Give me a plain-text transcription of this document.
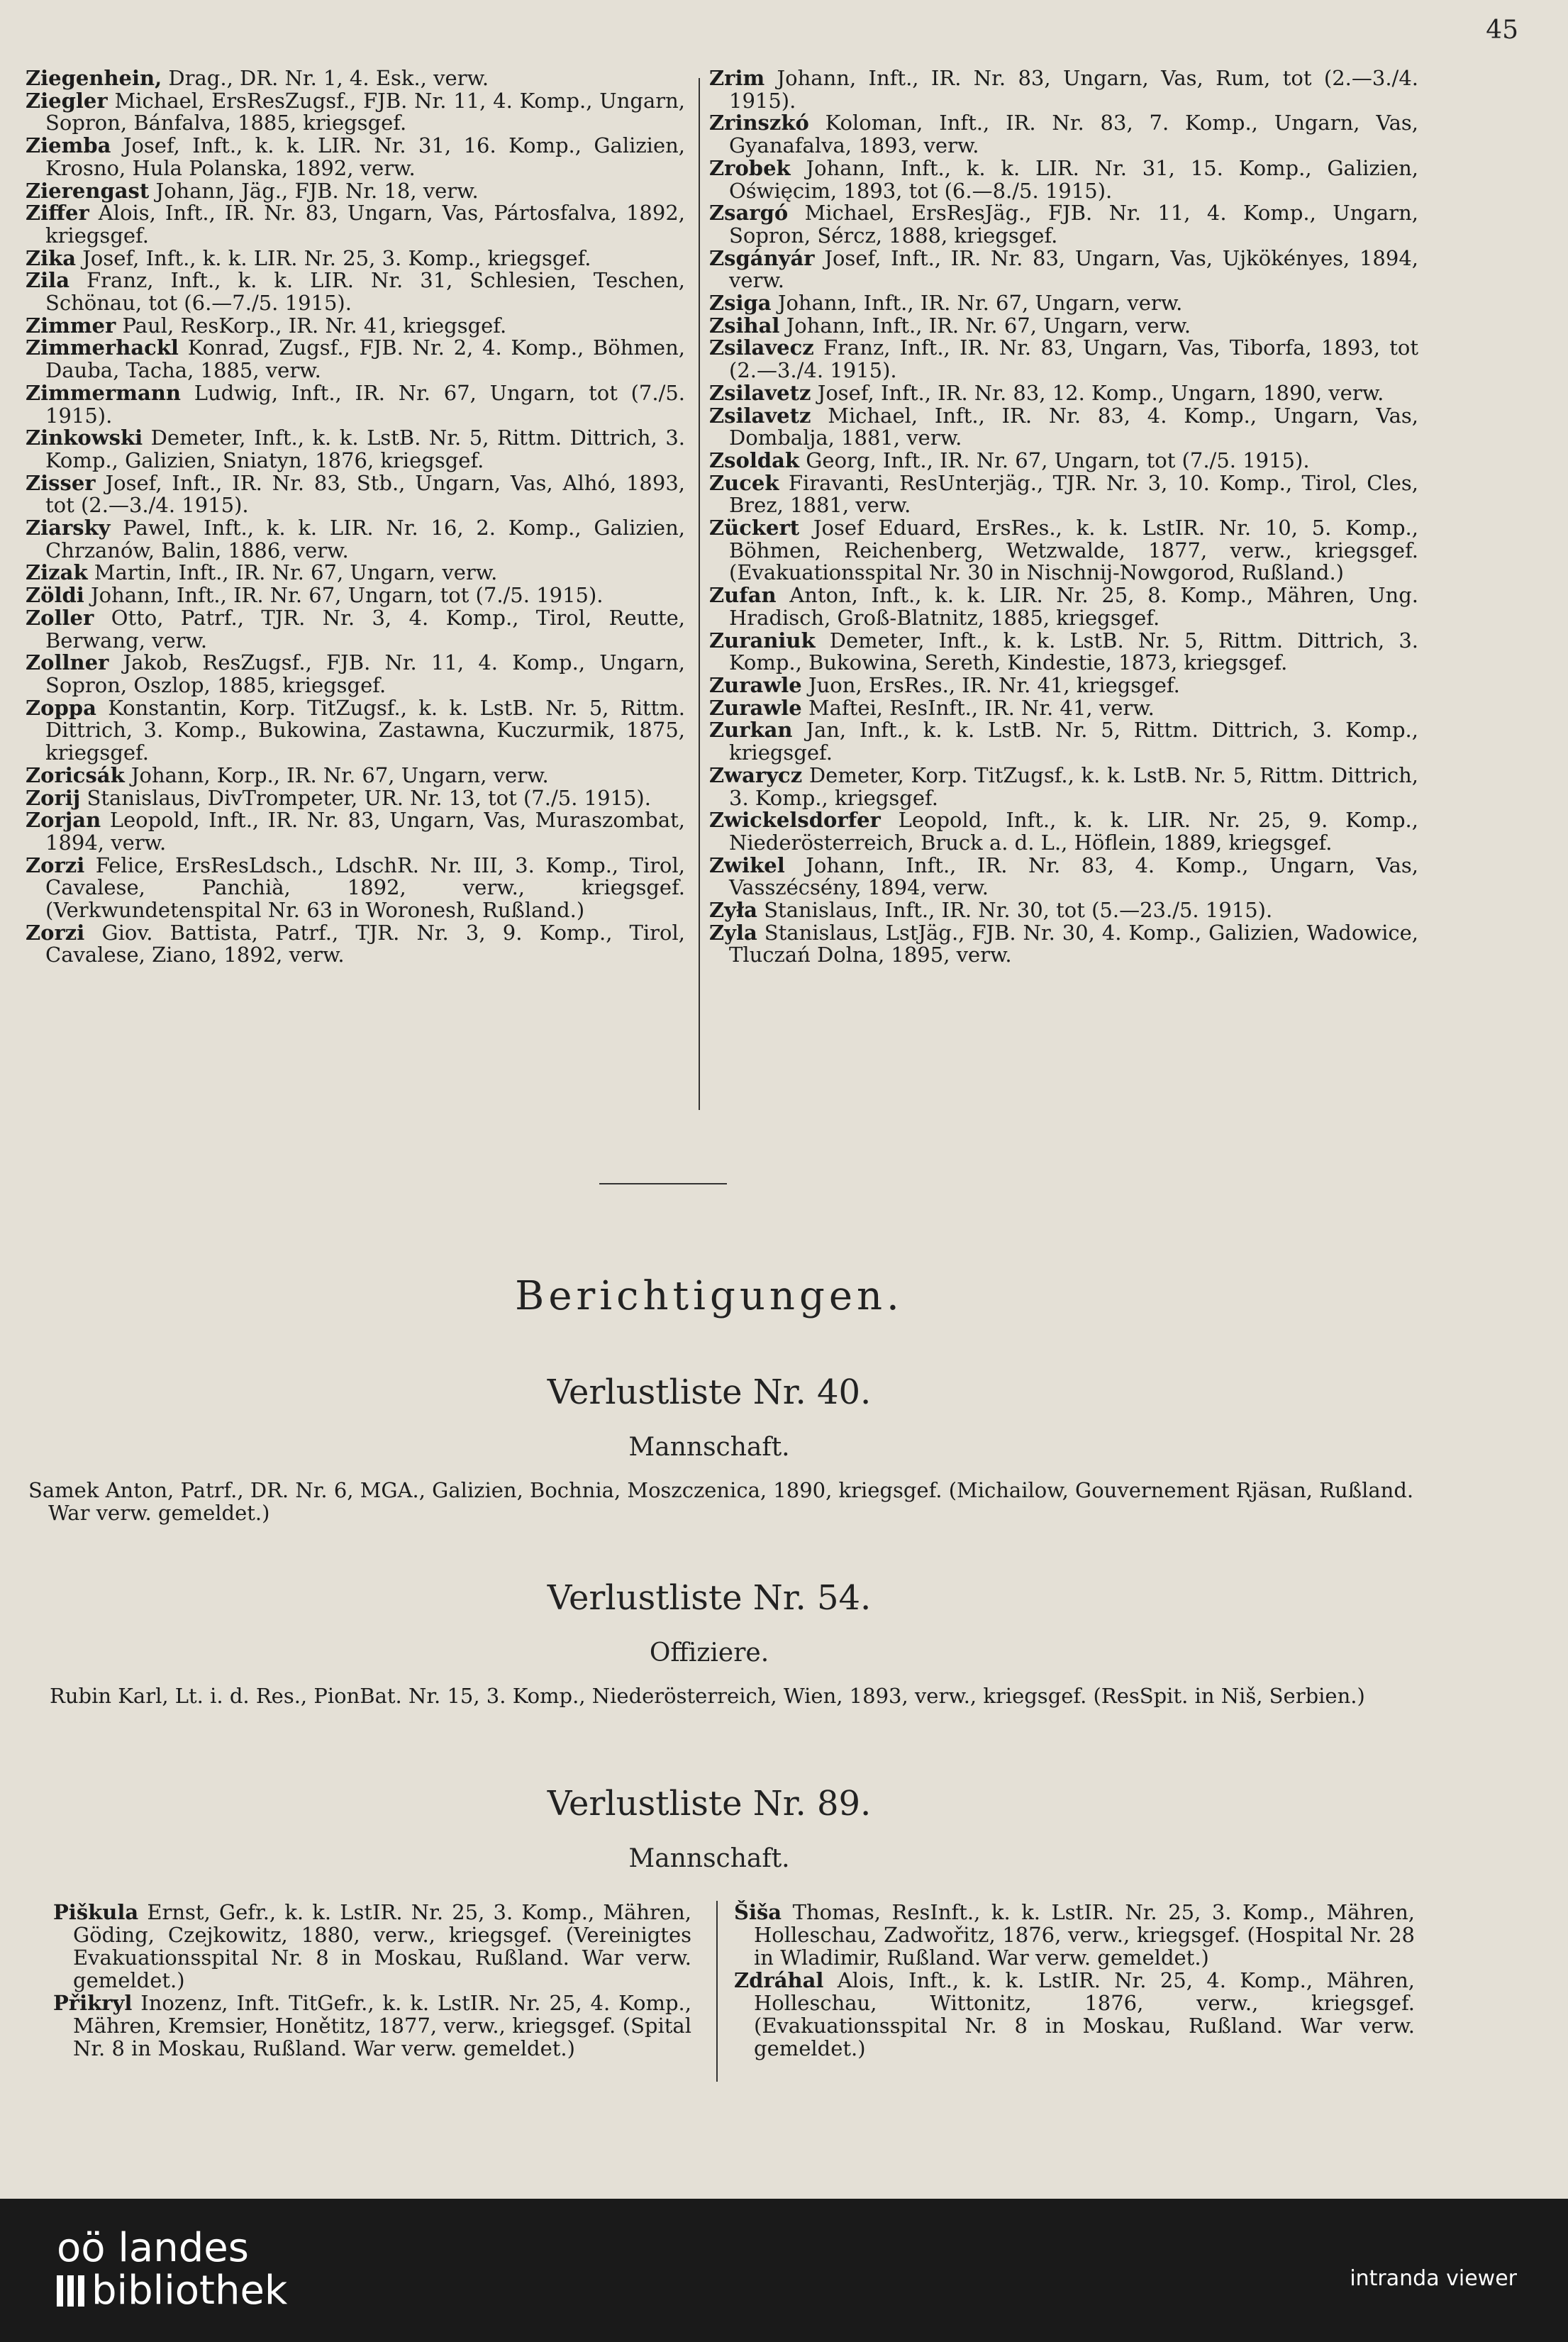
45
Ziegenhein, Drag., DR. Nr. 1, 4. Esk., verw.
Ziegler Michael, ErsResZugsf., FJB. Nr. 11, 4. Komp., Ungarn, Sopron, Bánfalva, 1885, kriegsgef.
Ziemba Josef, Inft., k. k. LIR. Nr. 31, 16. Komp., Galizien, Krosno, Hula Polanska, 1892, verw.
Zierengast Johann, Jäg., FJB. Nr. 18, verw.
Ziffer Alois, Inft., IR. Nr. 83, Ungarn, Vas, Pártosfalva, 1892, kriegsgef.
Zika Josef, Inft., k. k. LIR. Nr. 25, 3. Komp., kriegsgef.
Zila Franz, Inft., k. k. LIR. Nr. 31, Schlesien, Teschen, Schönau, tot (6.—7./5. 1915).
Zimmer Paul, ResKorp., IR. Nr. 41, kriegsgef.
Zimmerhackl Konrad, Zugsf., FJB. Nr. 2, 4. Komp., Böhmen, Dauba, Tacha, 1885, verw.
Zimmermann Ludwig, Inft., IR. Nr. 67, Ungarn, tot (7./5. 1915).
Zinkowski Demeter, Inft., k. k. LstB. Nr. 5, Rittm. Dittrich, 3. Komp., Galizien, Sniatyn, 1876, kriegsgef.
Zisser Josef, Inft., IR. Nr. 83, Stb., Ungarn, Vas, Alhó, 1893, tot (2.—3./4. 1915).
Ziarsky Pawel, Inft., k. k. LIR. Nr. 16, 2. Komp., Galizien, Chrzanów, Balin, 1886, verw.
Zizak Martin, Inft., IR. Nr. 67, Ungarn, verw.
Zöldi Johann, Inft., IR. Nr. 67, Ungarn, tot (7./5. 1915).
Zoller Otto, Patrf., TJR. Nr. 3, 4. Komp., Tirol, Reutte, Berwang, verw.
Zollner Jakob, ResZugsf., FJB. Nr. 11, 4. Komp., Ungarn, Sopron, Oszlop, 1885, kriegsgef.
Zoppa Konstantin, Korp. TitZugsf., k. k. LstB. Nr. 5, Rittm. Dittrich, 3. Komp., Bukowina, Zastawna, Kuczurmik, 1875, kriegsgef.
Zoricsák Johann, Korp., IR. Nr. 67, Ungarn, verw.
Zorij Stanislaus, DivTrompeter, UR. Nr. 13, tot (7./5. 1915).
Zorjan Leopold, Inft., IR. Nr. 83, Ungarn, Vas, Muraszombat, 1894, verw.
Zorzi Felice, ErsResLdsch., LdschR. Nr. III, 3. Komp., Tirol, Cavalese, Panchià, 1892, verw., kriegsgef. (Verkwundetenspital Nr. 63 in Woronesh, Rußland.)
Zorzi Giov. Battista, Patrf., TJR. Nr. 3, 9. Komp., Tirol, Cavalese, Ziano, 1892, verw.
Zrim Johann, Inft., IR. Nr. 83, Ungarn, Vas, Rum, tot (2.—3./4. 1915).
Zrinszkó Koloman, Inft., IR. Nr. 83, 7. Komp., Ungarn, Vas, Gyanafalva, 1893, verw.
Zrobek Johann, Inft., k. k. LIR. Nr. 31, 15. Komp., Galizien, Oświęcim, 1893, tot (6.—8./5. 1915).
Zsargó Michael, ErsResJäg., FJB. Nr. 11, 4. Komp., Ungarn, Sopron, Sércz, 1888, kriegsgef.
Zsgányár Josef, Inft., IR. Nr. 83, Ungarn, Vas, Ujkökényes, 1894, verw.
Zsiga Johann, Inft., IR. Nr. 67, Ungarn, verw.
Zsihal Johann, Inft., IR. Nr. 67, Ungarn, verw.
Zsilavecz Franz, Inft., IR. Nr. 83, Ungarn, Vas, Tiborfa, 1893, tot (2.—3./4. 1915).
Zsilavetz Josef, Inft., IR. Nr. 83, 12. Komp., Ungarn, 1890, verw.
Zsilavetz Michael, Inft., IR. Nr. 83, 4. Komp., Ungarn, Vas, Dombalja, 1881, verw.
Zsoldak Georg, Inft., IR. Nr. 67, Ungarn, tot (7./5. 1915).
Zucek Firavanti, ResUnterjäg., TJR. Nr. 3, 10. Komp., Tirol, Cles, Brez, 1881, verw.
Zückert Josef Eduard, ErsRes., k. k. LstIR. Nr. 10, 5. Komp., Böhmen, Reichenberg, Wetzwalde, 1877, verw., kriegsgef. (Evakuationsspital Nr. 30 in Nischnij-Nowgorod, Rußland.)
Zufan Anton, Inft., k. k. LIR. Nr. 25, 8. Komp., Mähren, Ung. Hradisch, Groß-Blatnitz, 1885, kriegsgef.
Zuraniuk Demeter, Inft., k. k. LstB. Nr. 5, Rittm. Dittrich, 3. Komp., Bukowina, Sereth, Kindestie, 1873, kriegsgef.
Zurawle Juon, ErsRes., IR. Nr. 41, kriegsgef.
Zurawle Maftei, ResInft., IR. Nr. 41, verw.
Zurkan Jan, Inft., k. k. LstB. Nr. 5, Rittm. Dittrich, 3. Komp., kriegsgef.
Zwarycz Demeter, Korp. TitZugsf., k. k. LstB. Nr. 5, Rittm. Dittrich, 3. Komp., kriegsgef.
Zwickelsdorfer Leopold, Inft., k. k. LIR. Nr. 25, 9. Komp., Niederösterreich, Bruck a. d. L., Höflein, 1889, kriegsgef.
Zwikel Johann, Inft., IR. Nr. 83, 4. Komp., Ungarn, Vas, Vasszécsény, 1894, verw.
Zyła Stanislaus, Inft., IR. Nr. 30, tot (5.—23./5. 1915).
Zyla Stanislaus, LstJäg., FJB. Nr. 30, 4. Komp., Galizien, Wadowice, Tluczań Dolna, 1895, verw.
Berichtigungen.
Verlustliste Nr. 40.
Mannschaft.
Samek Anton, Patrf., DR. Nr. 6, MGA., Galizien, Bochnia, Moszczenica, 1890, kriegsgef. (Michailow, Gouvernement Rjäsan, Rußland. War verw. gemeldet.)
Verlustliste Nr. 54.
Offiziere.
Rubin Karl, Lt. i. d. Res., PionBat. Nr. 15, 3. Komp., Niederösterreich, Wien, 1893, verw., kriegsgef. (ResSpit. in Niš, Serbien.)
Verlustliste Nr. 89.
Mannschaft.
Piškula Ernst, Gefr., k. k. LstIR. Nr. 25, 3. Komp., Mähren, Göding, Czejkowitz, 1880, verw., kriegsgef. (Vereinigtes Evakuationsspital Nr. 8 in Moskau, Rußland. War verw. gemeldet.)
Přikryl Inozenz, Inft. TitGefr., k. k. LstIR. Nr. 25, 4. Komp., Mähren, Kremsier, Honětitz, 1877, verw., kriegsgef. (Spital Nr. 8 in Moskau, Rußland. War verw. gemeldet.)
Šiša Thomas, ResInft., k. k. LstIR. Nr. 25, 3. Komp., Mähren, Holleschau, Zadwořitz, 1876, verw., kriegsgef. (Hospital Nr. 28 in Wladimir, Rußland. War verw. gemeldet.)
Zdráhal Alois, Inft., k. k. LstIR. Nr. 25, 4. Komp., Mähren, Holleschau, Wittonitz, 1876, verw., kriegsgef. (Evakuationsspital Nr. 8 in Moskau, Rußland. War verw. gemeldet.)
oö landes
bibliothek	intranda viewer
